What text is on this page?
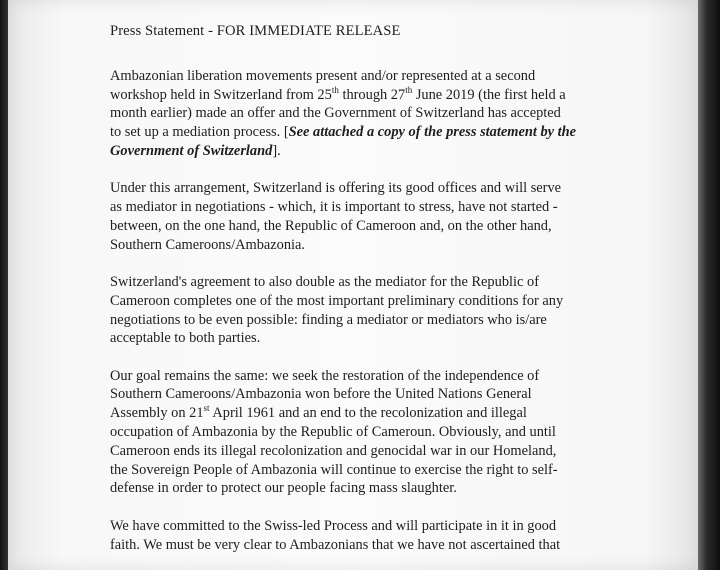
Press Statement - FOR IMMEDIATE RELEASE
Ambazonian liberation movements present and/or represented at a second
workshop held in Switzerland from 25th through 27th June 2019 (the first held a
month earlier) made an offer and the Government of Switzerland has accepted
to set up a mediation process. [See attached a copy of the press statement by the
Government of Switzerland].
Under this arrangement, Switzerland is offering its good offices and will serve
as mediator in negotiations - which, it is important to stress, have not started -
between, on the one hand, the Republic of Cameroon and, on the other hand,
Southern Cameroons/Ambazonia.
Switzerland's agreement to also double as the mediator for the Republic of
Cameroon completes one of the most important preliminary conditions for any
negotiations to be even possible: finding a mediator or mediators who is/are
acceptable to both parties.
Our goal remains the same: we seek the restoration of the independence of
Southern Cameroons/Ambazonia won before the United Nations General
Assembly on 21st April 1961 and an end to the recolonization and illegal
occupation of Ambazonia by the Republic of Cameroun. Obviously, and until
Cameroon ends its illegal recolonization and genocidal war in our Homeland,
the Sovereign People of Ambazonia will continue to exercise the right to self-
defense in order to protect our people facing mass slaughter.
We have committed to the Swiss-led Process and will participate in it in good
faith. We must be very clear to Ambazonians that we have not ascertained that
